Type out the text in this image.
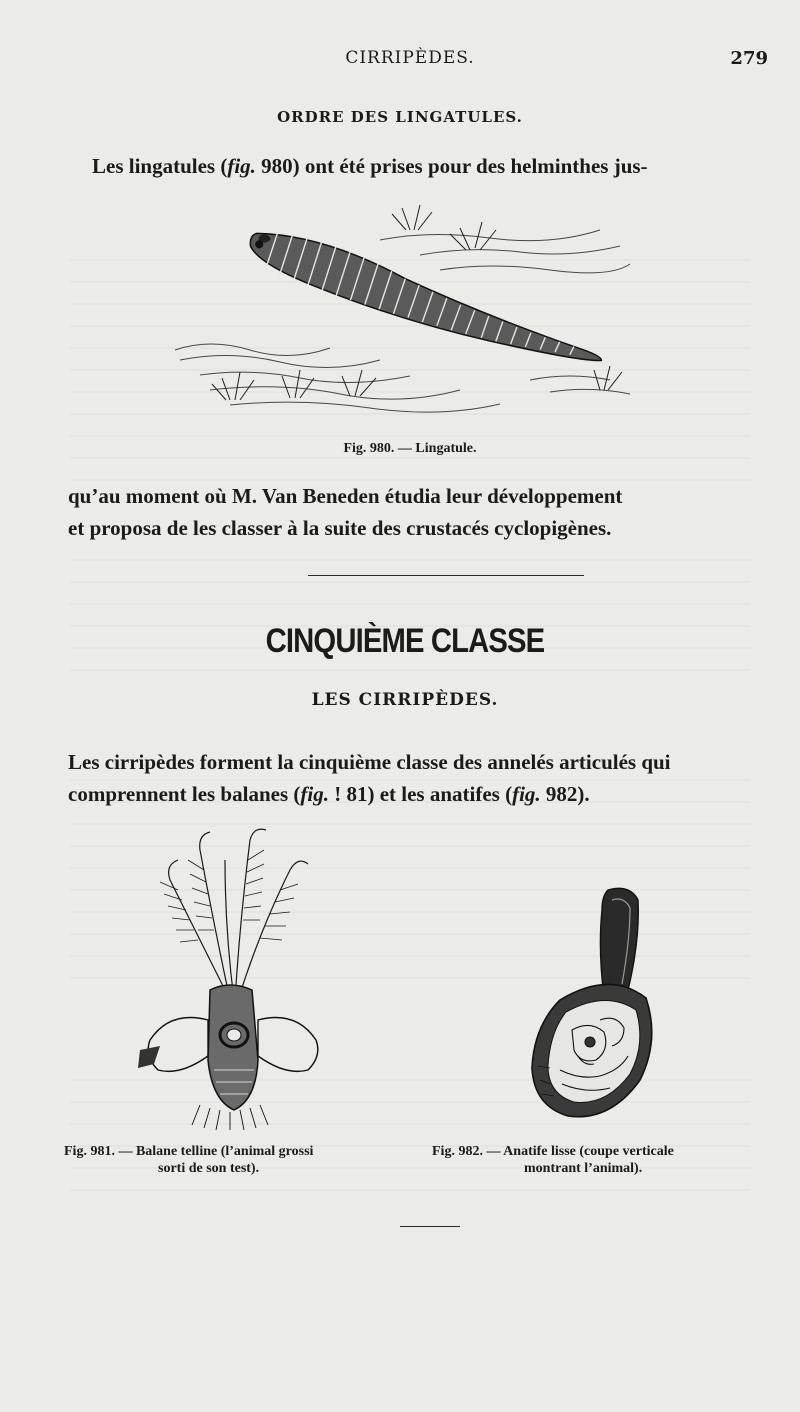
CIRRIPÈDES.	279
ORDRE DES LINGATULES.
Les lingatules (fig. 980) ont été prises pour des helminthes jus-
Fig. 980. — Lingatule.
qu’au moment où M. Van Beneden étudia leur développement
et proposa de les classer à la suite des crustacés cyclopigènes.
CINQUIÈME CLASSE
LES CIRRIPÈDES.
Les cirripèdes forment la cinquième classe des annelés articulés qui
comprennent les balanes (fig. ! 81) et les anatifes (fig. 982).
Fig. 981. — Balane telline (l’animal grossi
sorti de son test).
Fig. 982. — Anatife lisse (coupe verticale
montrant l’animal).
